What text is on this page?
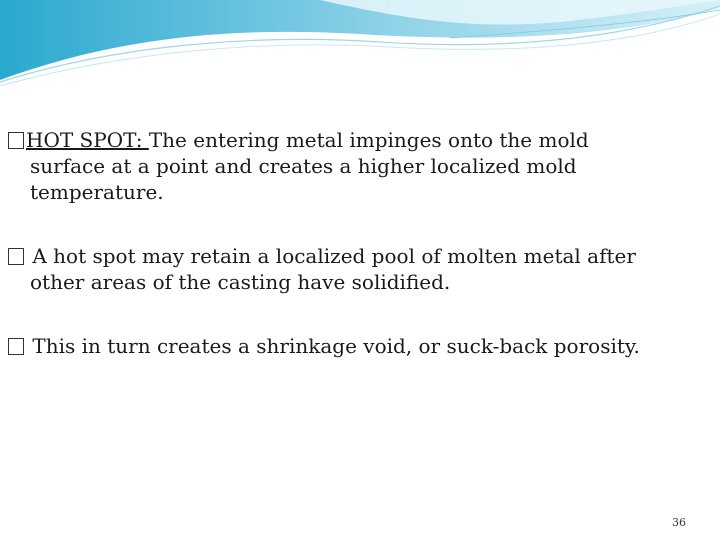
HOT SPOT: The entering metal impinges onto the mold
surface at a point and creates a higher localized mold
temperature.
A hot spot may retain a localized pool of molten metal after
other areas of the casting have solidified.
This in turn creates a shrinkage void, or suck-back porosity.
36
